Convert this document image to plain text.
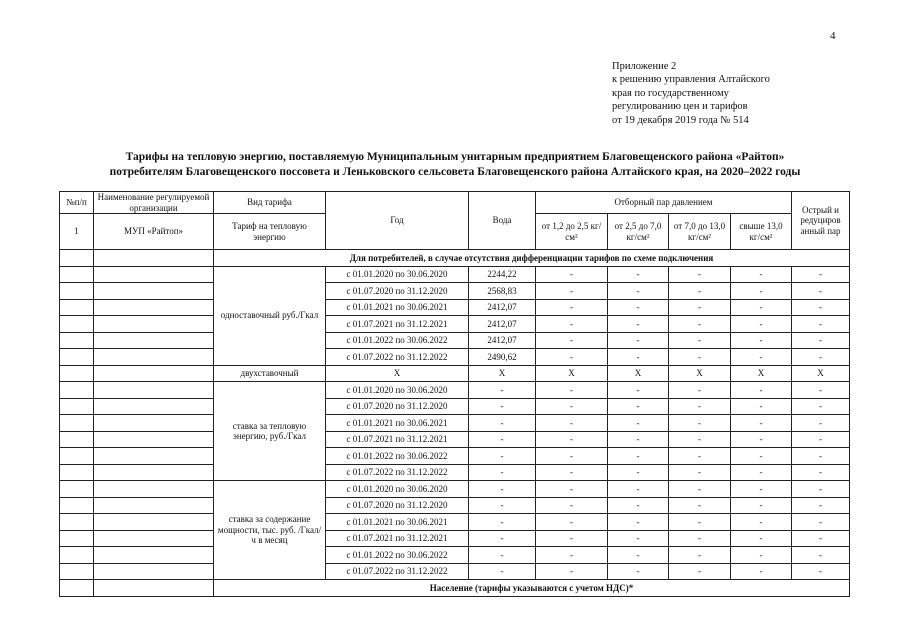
4
Приложение 2
к решению управления Алтайского
края по государственному
регулированию цен и тарифов
от 19 декабря 2019 года № 514
Тарифы на тепловую энергию, поставляемую Муниципальным унитарным предприятием Благовещенского района «Райтоп»
потребителям Благовещенского поссовета и Леньковского сельсовета Благовещенского района Алтайского края, на 2020–2022 годы
№п/п	Наименование регулируемой организации	Вид тарифа	Год	Вода	Отборный пар давлением				Острый и редуциров анный пар

1	МУП «Райтоп»	Тариф на тепловую энергию			от 1,2 до 2,5 кг/см²	от 2,5 до 7,0 кг/см²	от 7,0 до 13,0 кг/см²	свыше 13,0 кг/см²	
		Для потребителей, в случае отсутствия дифференциации тарифов по схеме подключения							
		одноставочный руб./Гкал	с 01.01.2020 по 30.06.2020	2244,22	-	-	-	-	-
			с 01.07.2020 по 31.12.2020	2568,83	-	-	-	-	-
			с 01.01.2021 по 30.06.2021	2412,07	-	-	-	-	-
			с 01.07.2021 по 31.12.2021	2412,07	-	-	-	-	-
			с 01.01.2022 по 30.06.2022	2412,07	-	-	-	-	-
			с 01.07.2022 по 31.12.2022	2490,62	-	-	-	-	-
		двухставочный	X	X	X	X	X	X	X
		ставка за тепловую энергию, руб./Гкал	с 01.01.2020 по 30.06.2020	-	-	-	-	-	-
			с 01.07.2020 по 31.12.2020	-	-	-	-	-	-
			с 01.01.2021 по 30.06.2021	-	-	-	-	-	-
			с 01.07.2021 по 31.12.2021	-	-	-	-	-	-
			с 01.01.2022 по 30.06.2022	-	-	-	-	-	-
			с 01.07.2022 по 31.12.2022	-	-	-	-	-	-
		ставка за содержание мощности, тыс. руб. /Гкал/ч в месяц	с 01.01.2020 по 30.06.2020	-	-	-	-	-	-
			с 01.07.2020 по 31.12.2020	-	-	-	-	-	-
			с 01.01.2021 по 30.06.2021	-	-	-	-	-	-
			с 01.07.2021 по 31.12.2021	-	-	-	-	-	-
			с 01.01.2022 по 30.06.2022	-	-	-	-	-	-
			с 01.07.2022 по 31.12.2022	-	-	-	-	-	-
		Население (тарифы указываются с учетом НДС)*							
